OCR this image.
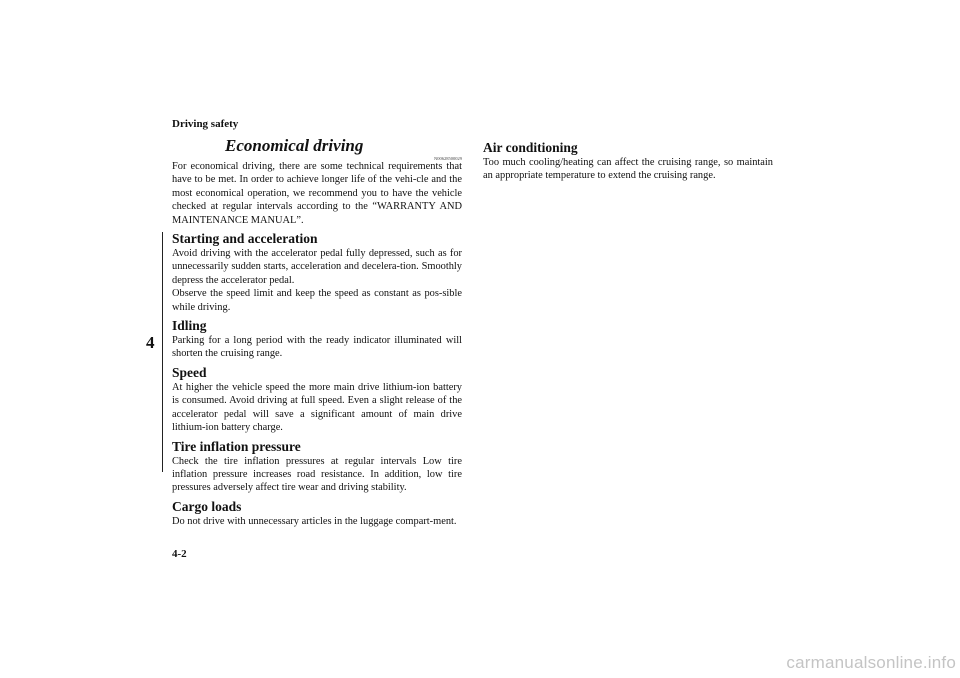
Driving safety
4
Economical driving
N00628500029

For economical driving, there are some technical requirements that have to be met. In order to achieve longer life of the vehi-cle and the most economical operation, we recommend you to have the vehicle checked at regular intervals according to the “WARRANTY AND MAINTENANCE MANUAL”.

Starting and acceleration

Avoid driving with the accelerator pedal fully depressed, such as for unnecessarily sudden starts, acceleration and decelera-tion. Smoothly depress the accelerator pedal.

Observe the speed limit and keep the speed as constant as pos-sible while driving.

Idling

Parking for a long period with the ready indicator illuminated will shorten the cruising range.

Speed

At higher the vehicle speed the more main drive lithium-ion battery is consumed. Avoid driving at full speed. Even a slight release of the accelerator pedal will save a significant amount of main drive lithium-ion battery charge.

Tire inflation pressure

Check the tire inflation pressures at regular intervals Low tire inflation pressure increases road resistance. In addition, low tire pressures adversely affect tire wear and driving stability.

Cargo loads

Do not drive with unnecessary articles in the luggage compart-ment.

Air conditioning

Too much cooling/heating can affect the cruising range, so maintain an appropriate temperature to extend the cruising range.

4-2
carmanualsonline.info
